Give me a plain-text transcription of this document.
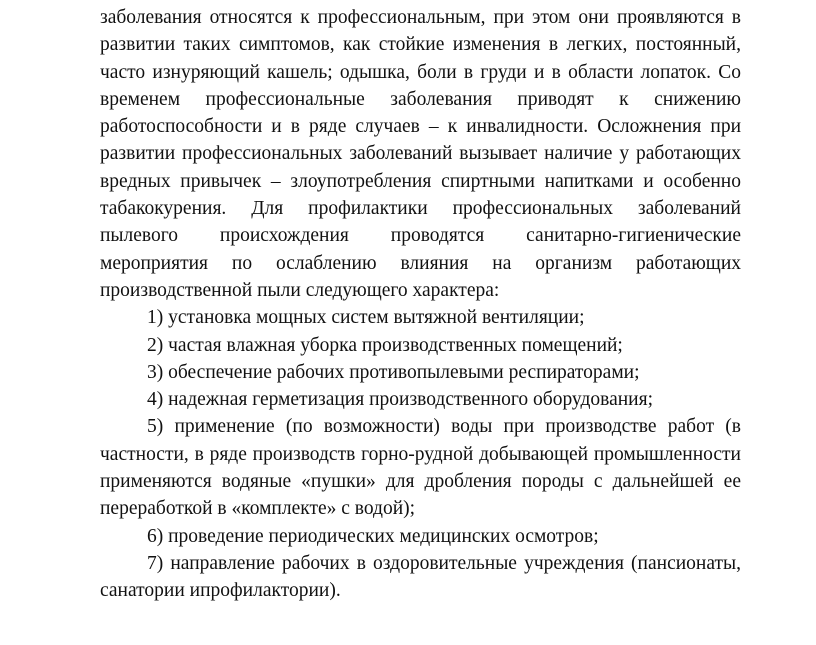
заболевания относятся к профессиональным, при этом они проявляются в развитии таких симптомов, как стойкие изменения в легких, постоянный, часто изнуряющий кашель; одышка, боли в груди и в области лопаток. Со временем профессиональные заболевания приводят к снижению работоспособности и в ряде случаев – к инвалидности. Осложнения при развитии профессиональных заболеваний вызывает наличие у работающих вредных привычек – злоупотребления спиртными напитками и особенно табакокурения. Для профилактики профессиональных заболеваний пылевого происхождения проводятся санитарно-гигиенические мероприятия по ослаблению влияния на организм работающих производственной пыли следующего характера:

1) установка мощных систем вытяжной вентиляции;

2) частая влажная уборка производственных помещений;

3) обеспечение рабочих противопылевыми респираторами;

4) надежная герметизация производственного оборудования;

5) применение (по возможности) воды при производстве работ (в частности, в ряде производств горно-рудной добывающей промышленности применяются водяные «пушки» для дробления породы с дальнейшей ее переработкой в «комплекте» с водой);

6) проведение периодических медицинских осмотров;

7) направление рабочих в оздоровительные учреждения (пансионаты, санатории ипрофилактории).
